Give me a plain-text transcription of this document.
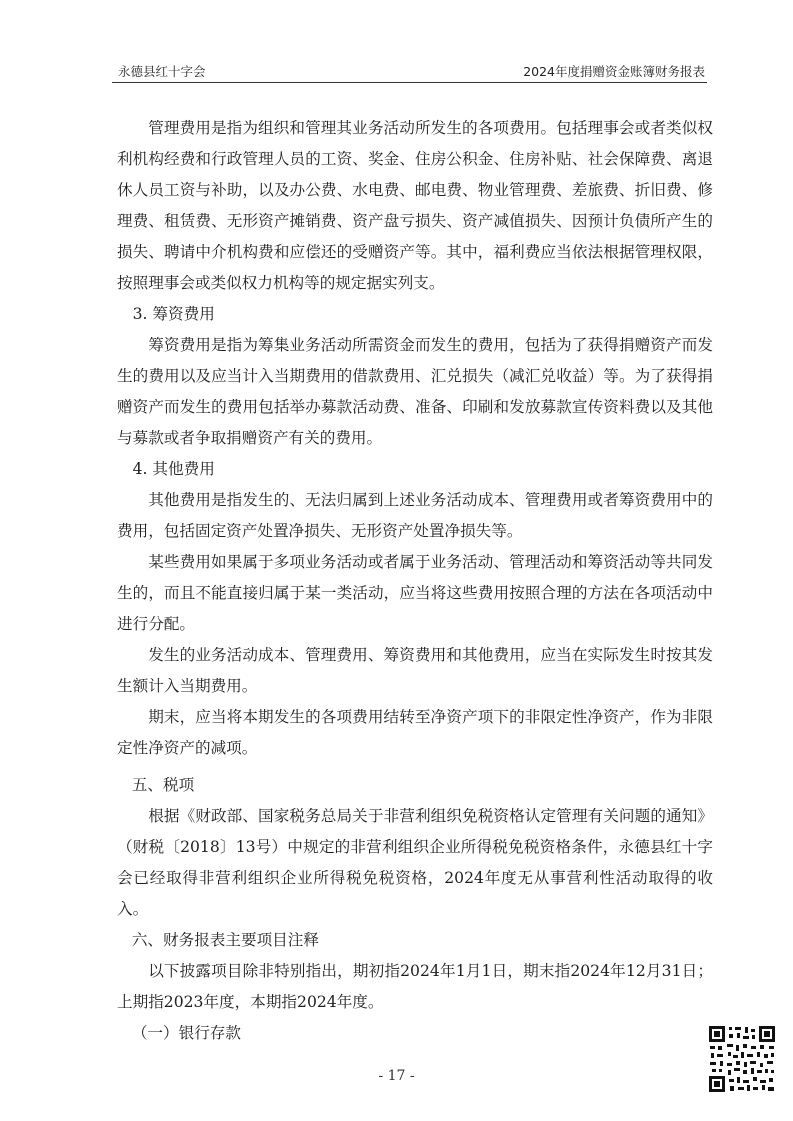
永德县红十字会	2024年度捐赠资金账簿财务报表

管理费用是指为组织和管理其业务活动所发生的各项费用。包括理事会或者类似权利机构经费和行政管理人员的工资、奖金、住房公积金、住房补贴、社会保障费、离退休人员工资与补助，以及办公费、水电费、邮电费、物业管理费、差旅费、折旧费、修理费、租赁费、无形资产摊销费、资产盘亏损失、资产减值损失、因预计负债所产生的损失、聘请中介机构费和应偿还的受赠资产等。其中，福利费应当依法根据管理权限，按照理事会或类似权力机构等的规定据实列支。

3. 筹资费用

筹资费用是指为筹集业务活动所需资金而发生的费用，包括为了获得捐赠资产而发生的费用以及应当计入当期费用的借款费用、汇兑损失（减汇兑收益）等。为了获得捐赠资产而发生的费用包括举办募款活动费、准备、印刷和发放募款宣传资料费以及其他与募款或者争取捐赠资产有关的费用。

4. 其他费用

其他费用是指发生的、无法归属到上述业务活动成本、管理费用或者筹资费用中的费用，包括固定资产处置净损失、无形资产处置净损失等。

某些费用如果属于多项业务活动或者属于业务活动、管理活动和筹资活动等共同发生的，而且不能直接归属于某一类活动，应当将这些费用按照合理的方法在各项活动中进行分配。

发生的业务活动成本、管理费用、筹资费用和其他费用，应当在实际发生时按其发生额计入当期费用。

期末，应当将本期发生的各项费用结转至净资产项下的非限定性净资产，作为非限定性净资产的减项。

五、税项

根据《财政部、国家税务总局关于非营利组织免税资格认定管理有关问题的通知》（财税〔2018〕13号）中规定的非营利组织企业所得税免税资格条件，永德县红十字会已经取得非营利组织企业所得税免税资格，2024年度无从事营利性活动取得的收入。

六、财务报表主要项目注释

以下披露项目除非特别指出，期初指2024年1月1日，期末指2024年12月31日；上期指2023年度，本期指2024年度。

（一）银行存款

- 17 -
